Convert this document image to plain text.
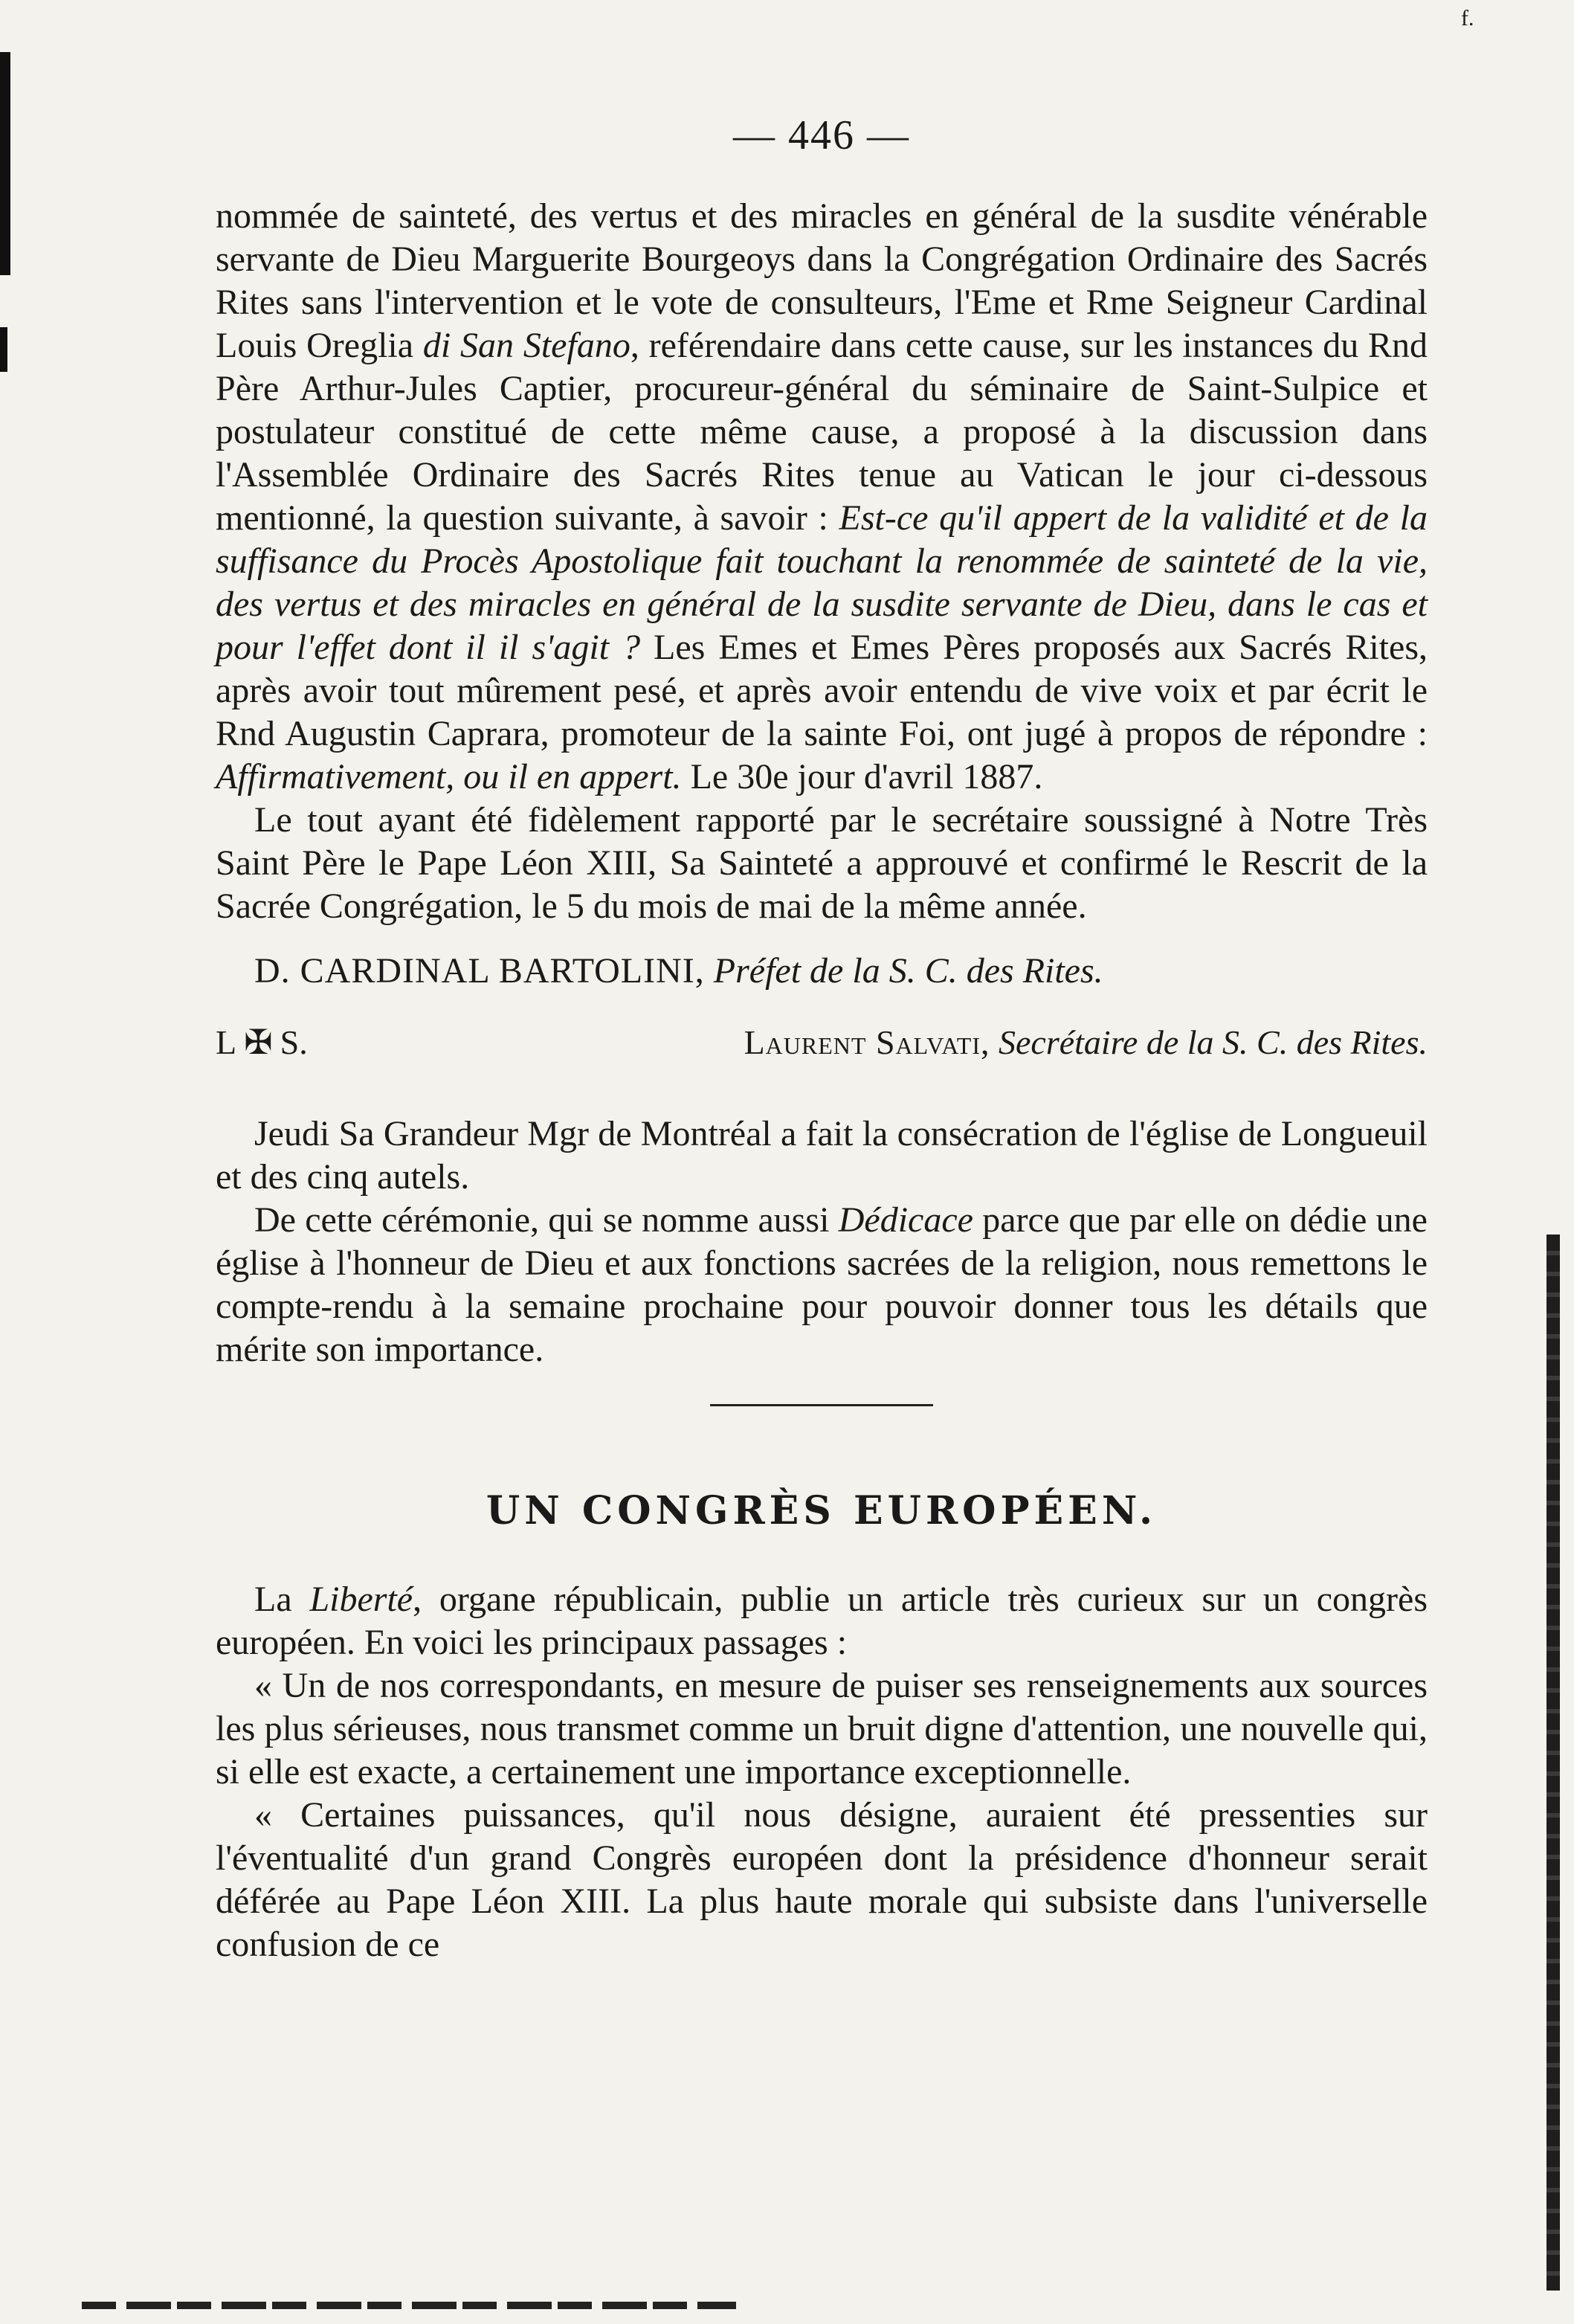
f.
— 446 —

nommée de sainteté, des vertus et des miracles en général de la susdite vénérable servante de Dieu Marguerite Bourgeoys dans la Congrégation Ordinaire des Sacrés Rites sans l'intervention et le vote de consulteurs, l'Eme et Rme Seigneur Cardinal Louis Oreglia di San Stefano, reférendaire dans cette cause, sur les instances du Rnd Père Arthur-Jules Captier, procureur-général du séminaire de Saint-Sulpice et postulateur constitué de cette même cause, a proposé à la discussion dans l'Assemblée Ordinaire des Sacrés Rites tenue au Vatican le jour ci-dessous mentionné, la question suivante, à savoir : Est-ce qu'il appert de la validité et de la suffisance du Procès Apostolique fait touchant la renommée de sainteté de la vie, des vertus et des miracles en général de la susdite servante de Dieu, dans le cas et pour l'effet dont il il s'agit ? Les Emes et Emes Pères proposés aux Sacrés Rites, après avoir tout mûrement pesé, et après avoir entendu de vive voix et par écrit le Rnd Augustin Caprara, promoteur de la sainte Foi, ont jugé à propos de répondre : Affirmativement, ou il en appert. Le 30e jour d'avril 1887.

Le tout ayant été fidèlement rapporté par le secrétaire soussigné à Notre Très Saint Père le Pape Léon XIII, Sa Sainteté a approuvé et confirmé le Rescrit de la Sacrée Congrégation, le 5 du mois de mai de la même année.

D. CARDINAL BARTOLINI, Préfet de la S. C. des Rites.
L ✠ S.	Laurent Salvati, Secrétaire de la S. C. des Rites.

Jeudi Sa Grandeur Mgr de Montréal a fait la consécration de l'église de Longueuil et des cinq autels.

De cette cérémonie, qui se nomme aussi Dédicace parce que par elle on dédie une église à l'honneur de Dieu et aux fonctions sacrées de la religion, nous remettons le compte-rendu à la semaine prochaine pour pouvoir donner tous les détails que mérite son importance.

UN CONGRÈS EUROPÉEN.

La Liberté, organe républicain, publie un article très curieux sur un congrès européen. En voici les principaux passages :

« Un de nos correspondants, en mesure de puiser ses renseignements aux sources les plus sérieuses, nous transmet comme un bruit digne d'attention, une nouvelle qui, si elle est exacte, a certainement une importance exceptionnelle.

« Certaines puissances, qu'il nous désigne, auraient été pressenties sur l'éventualité d'un grand Congrès européen dont la présidence d'honneur serait déférée au Pape Léon XIII. La plus haute morale qui subsiste dans l'universelle confusion de ce
